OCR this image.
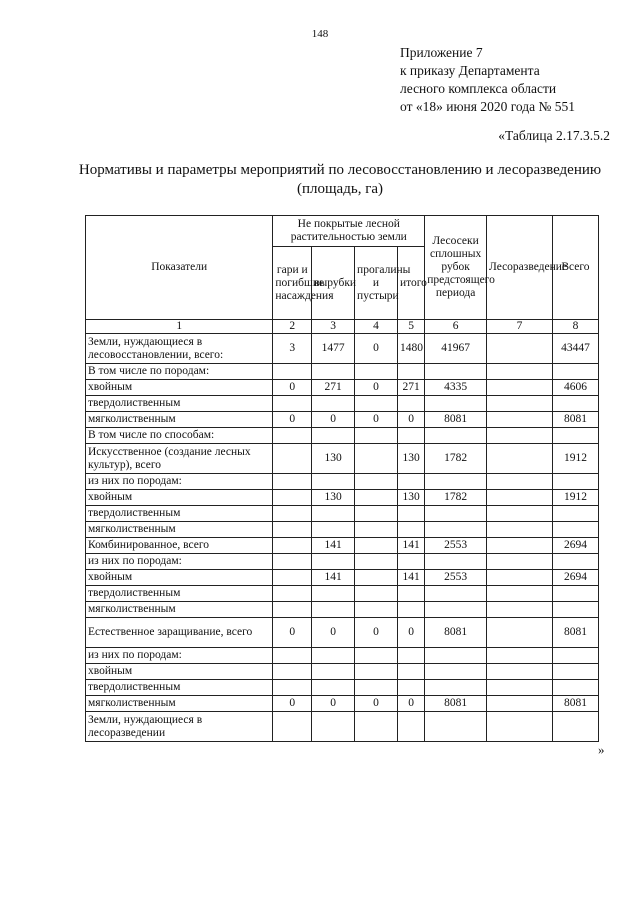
148
Приложение 7
к приказу Департамента
лесного комплекса области
от «18» июня 2020 года № 551
«Таблица 2.17.3.5.2
Нормативы и параметры мероприятий по лесовосстановлению и лесоразведению
(площадь, га)
Показатели	Не покрытые лесной растительностью земли				Лесосеки сплошных рубок предстоящего периода	Лесоразведение	Всего
	гари и погибшие насаждения	вырубки	прогалины и пустыри	итого			
1	2	3	4	5	6	7	8
Земли, нуждающиеся в лесовосстановлении, всего:	3	1477	0	1480	41967		43447
В том числе по породам:							
хвойным	0	271	0	271	4335		4606
твердолиственным							
мягколиственным	0	0	0	0	8081		8081
В том числе по способам:							
Искусственное (создание лесных культур), всего		130		130	1782		1912
из них по породам:							
хвойным		130		130	1782		1912
твердолиственным							
мягколиственным							
Комбинированное, всего		141		141	2553		2694
из них по породам:							
хвойным		141		141	2553		2694
твердолиственным							
мягколиственным							
Естественное заращивание, всего	0	0	0	0	8081		8081
из них по породам:							
хвойным							
твердолиственным							
мягколиственным	0	0	0	0	8081		8081
Земли, нуждающиеся в лесоразведении							
»
